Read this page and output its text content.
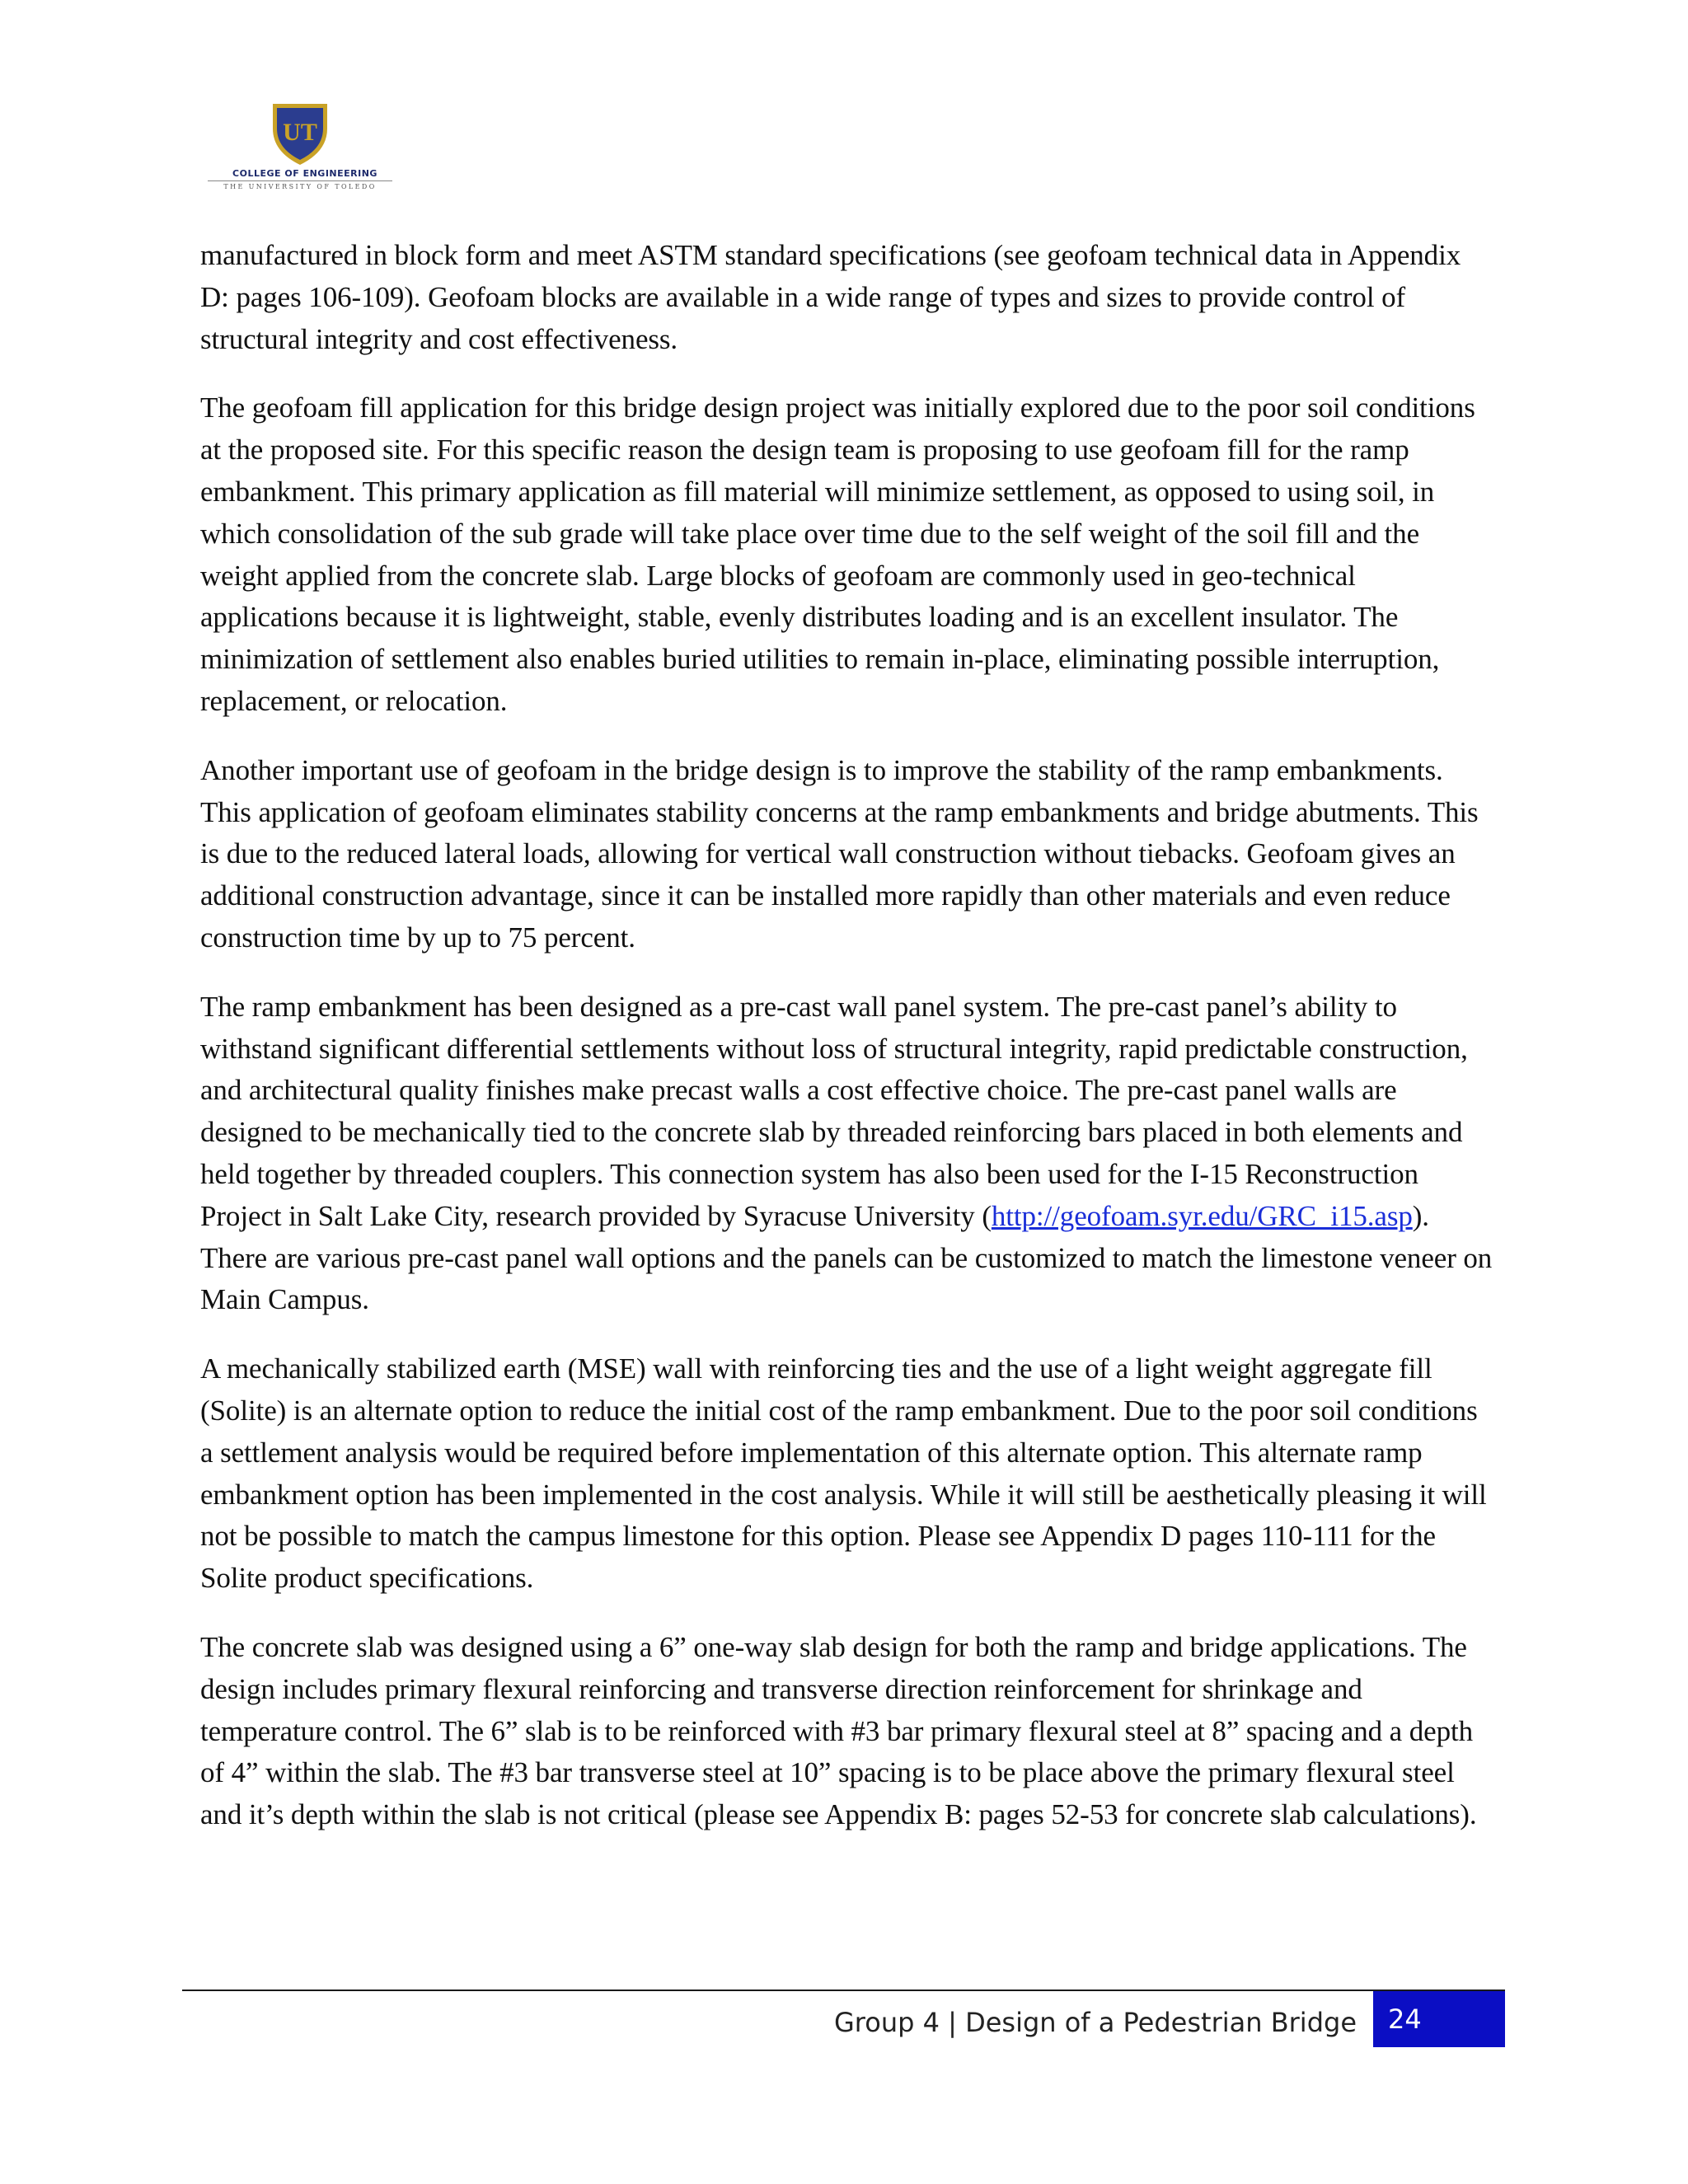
UT
COLLEGE OF ENGINEERING
THE UNIVERSITY OF TOLEDO

manufactured in block form and meet ASTM standard specifications (see geofoam technical data in Appendix D: pages 106-109). Geofoam blocks are available in a wide range of types and sizes to provide control of structural integrity and cost effectiveness.

The geofoam fill application for this bridge design project was initially explored due to the poor soil conditions at the proposed site. For this specific reason the design team is proposing to use geofoam fill for the ramp embankment. This primary application as fill material will minimize settlement, as opposed to using soil, in which consolidation of the sub grade will take place over time due to the self weight of the soil fill and the weight applied from the concrete slab. Large blocks of geofoam are commonly used in geo-technical applications because it is lightweight, stable, evenly distributes loading and is an excellent insulator. The minimization of settlement also enables buried utilities to remain in-place, eliminating possible interruption, replacement, or relocation.

Another important use of geofoam in the bridge design is to improve the stability of the ramp embankments. This application of geofoam eliminates stability concerns at the ramp embankments and bridge abutments. This is due to the reduced lateral loads, allowing for vertical wall construction without tiebacks. Geofoam gives an additional construction advantage, since it can be installed more rapidly than other materials and even reduce construction time by up to 75 percent.

The ramp embankment has been designed as a pre-cast wall panel system. The pre-cast panel’s ability to withstand significant differential settlements without loss of structural integrity, rapid predictable construction, and architectural quality finishes make precast walls a cost effective choice. The pre-cast panel walls are designed to be mechanically tied to the concrete slab by threaded reinforcing bars placed in both elements and held together by threaded couplers. This connection system has also been used for the I-15 Reconstruction Project in Salt Lake City, research provided by Syracuse University (http://geofoam.syr.edu/GRC_i15.asp). There are various pre-cast panel wall options and the panels can be customized to match the limestone veneer on Main Campus.

A mechanically stabilized earth (MSE) wall with reinforcing ties and the use of a light weight aggregate fill (Solite) is an alternate option to reduce the initial cost of the ramp embankment. Due to the poor soil conditions a settlement analysis would be required before implementation of this alternate option. This alternate ramp embankment option has been implemented in the cost analysis. While it will still be aesthetically pleasing it will not be possible to match the campus limestone for this option. Please see Appendix D pages 110-111 for the Solite product specifications.

The concrete slab was designed using a 6” one-way slab design for both the ramp and bridge applications. The design includes primary flexural reinforcing and transverse direction reinforcement for shrinkage and temperature control. The 6” slab is to be reinforced with #3 bar primary flexural steel at 8” spacing and a depth of 4” within the slab. The #3 bar transverse steel at 10” spacing is to be place above the primary flexural steel and it’s depth within the slab is not critical (please see Appendix B: pages 52-53 for concrete slab calculations).

Group 4 | Design of a Pedestrian Bridge 24
